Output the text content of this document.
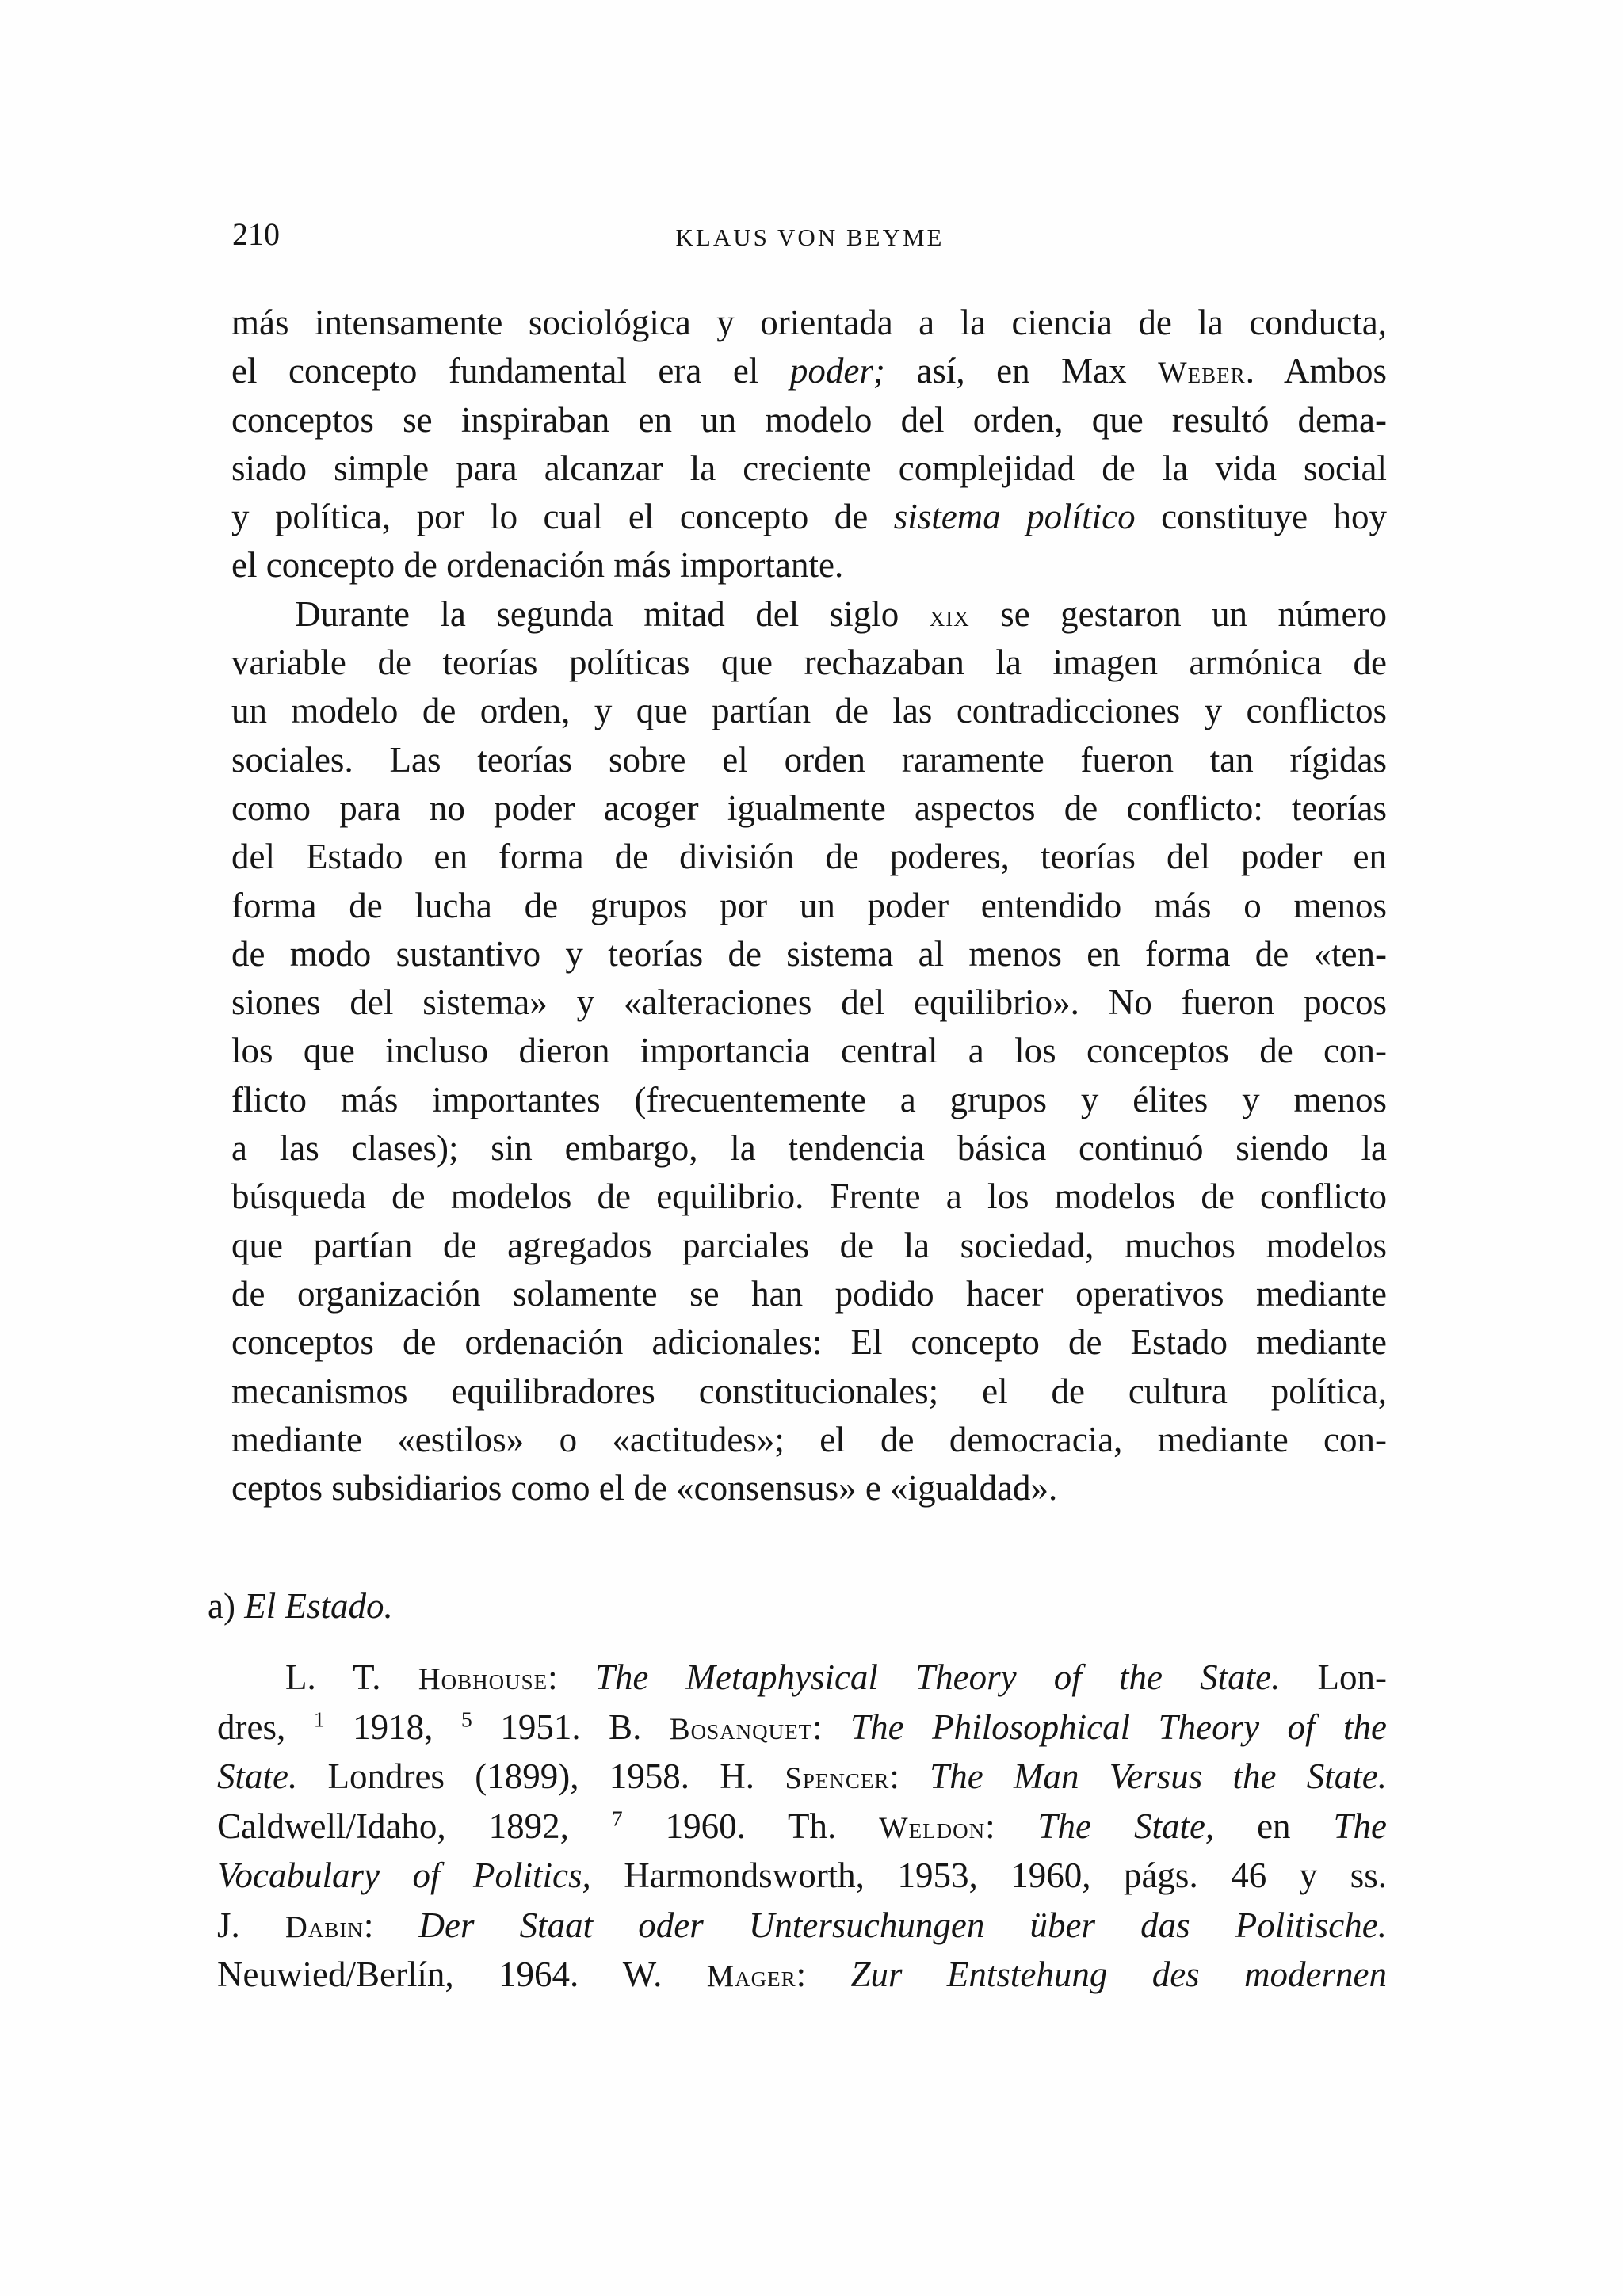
210	KLAUS VON BEYME
más intensamente sociológica y orientada a la ciencia de la conducta,
el concepto fundamental era el poder; así, en Max Weber. Ambos
conceptos se inspiraban en un modelo del orden, que resultó dema-
siado simple para alcanzar la creciente complejidad de la vida social
y política, por lo cual el concepto de sistema político constituye hoy
el concepto de ordenación más importante.
Durante la segunda mitad del siglo xix se gestaron un número
variable de teorías políticas que rechazaban la imagen armónica de
un modelo de orden, y que partían de las contradicciones y conflictos
sociales. Las teorías sobre el orden raramente fueron tan rígidas
como para no poder acoger igualmente aspectos de conflicto: teorías
del Estado en forma de división de poderes, teorías del poder en
forma de lucha de grupos por un poder entendido más o menos
de modo sustantivo y teorías de sistema al menos en forma de «ten-
siones del sistema» y «alteraciones del equilibrio». No fueron pocos
los que incluso dieron importancia central a los conceptos de con-
flicto más importantes (frecuentemente a grupos y élites y menos
a las clases); sin embargo, la tendencia básica continuó siendo la
búsqueda de modelos de equilibrio. Frente a los modelos de conflicto
que partían de agregados parciales de la sociedad, muchos modelos
de organización solamente se han podido hacer operativos mediante
conceptos de ordenación adicionales: El concepto de Estado mediante
mecanismos equilibradores constitucionales; el de cultura política,
mediante «estilos» o «actitudes»; el de democracia, mediante con-
ceptos subsidiarios como el de «consensus» e «igualdad».
a) El Estado.
L. T. Hobhouse: The Metaphysical Theory of the State. Lon-
dres, $^1$ 1918, $^5$ 1951. B. Bosanquet: The Philosophical Theory of the
State. Londres (1899), 1958. H. Spencer: The Man Versus the State.
Caldwell/Idaho, 1892, $^7$ 1960. Th. Weldon: The State, en The
Vocabulary of Politics, Harmondsworth, 1953, 1960, págs. 46 y ss.
J. Dabin: Der Staat oder Untersuchungen über das Politische.
Neuwied/Berlín, 1964. W. Mager: Zur Entstehung des modernen
